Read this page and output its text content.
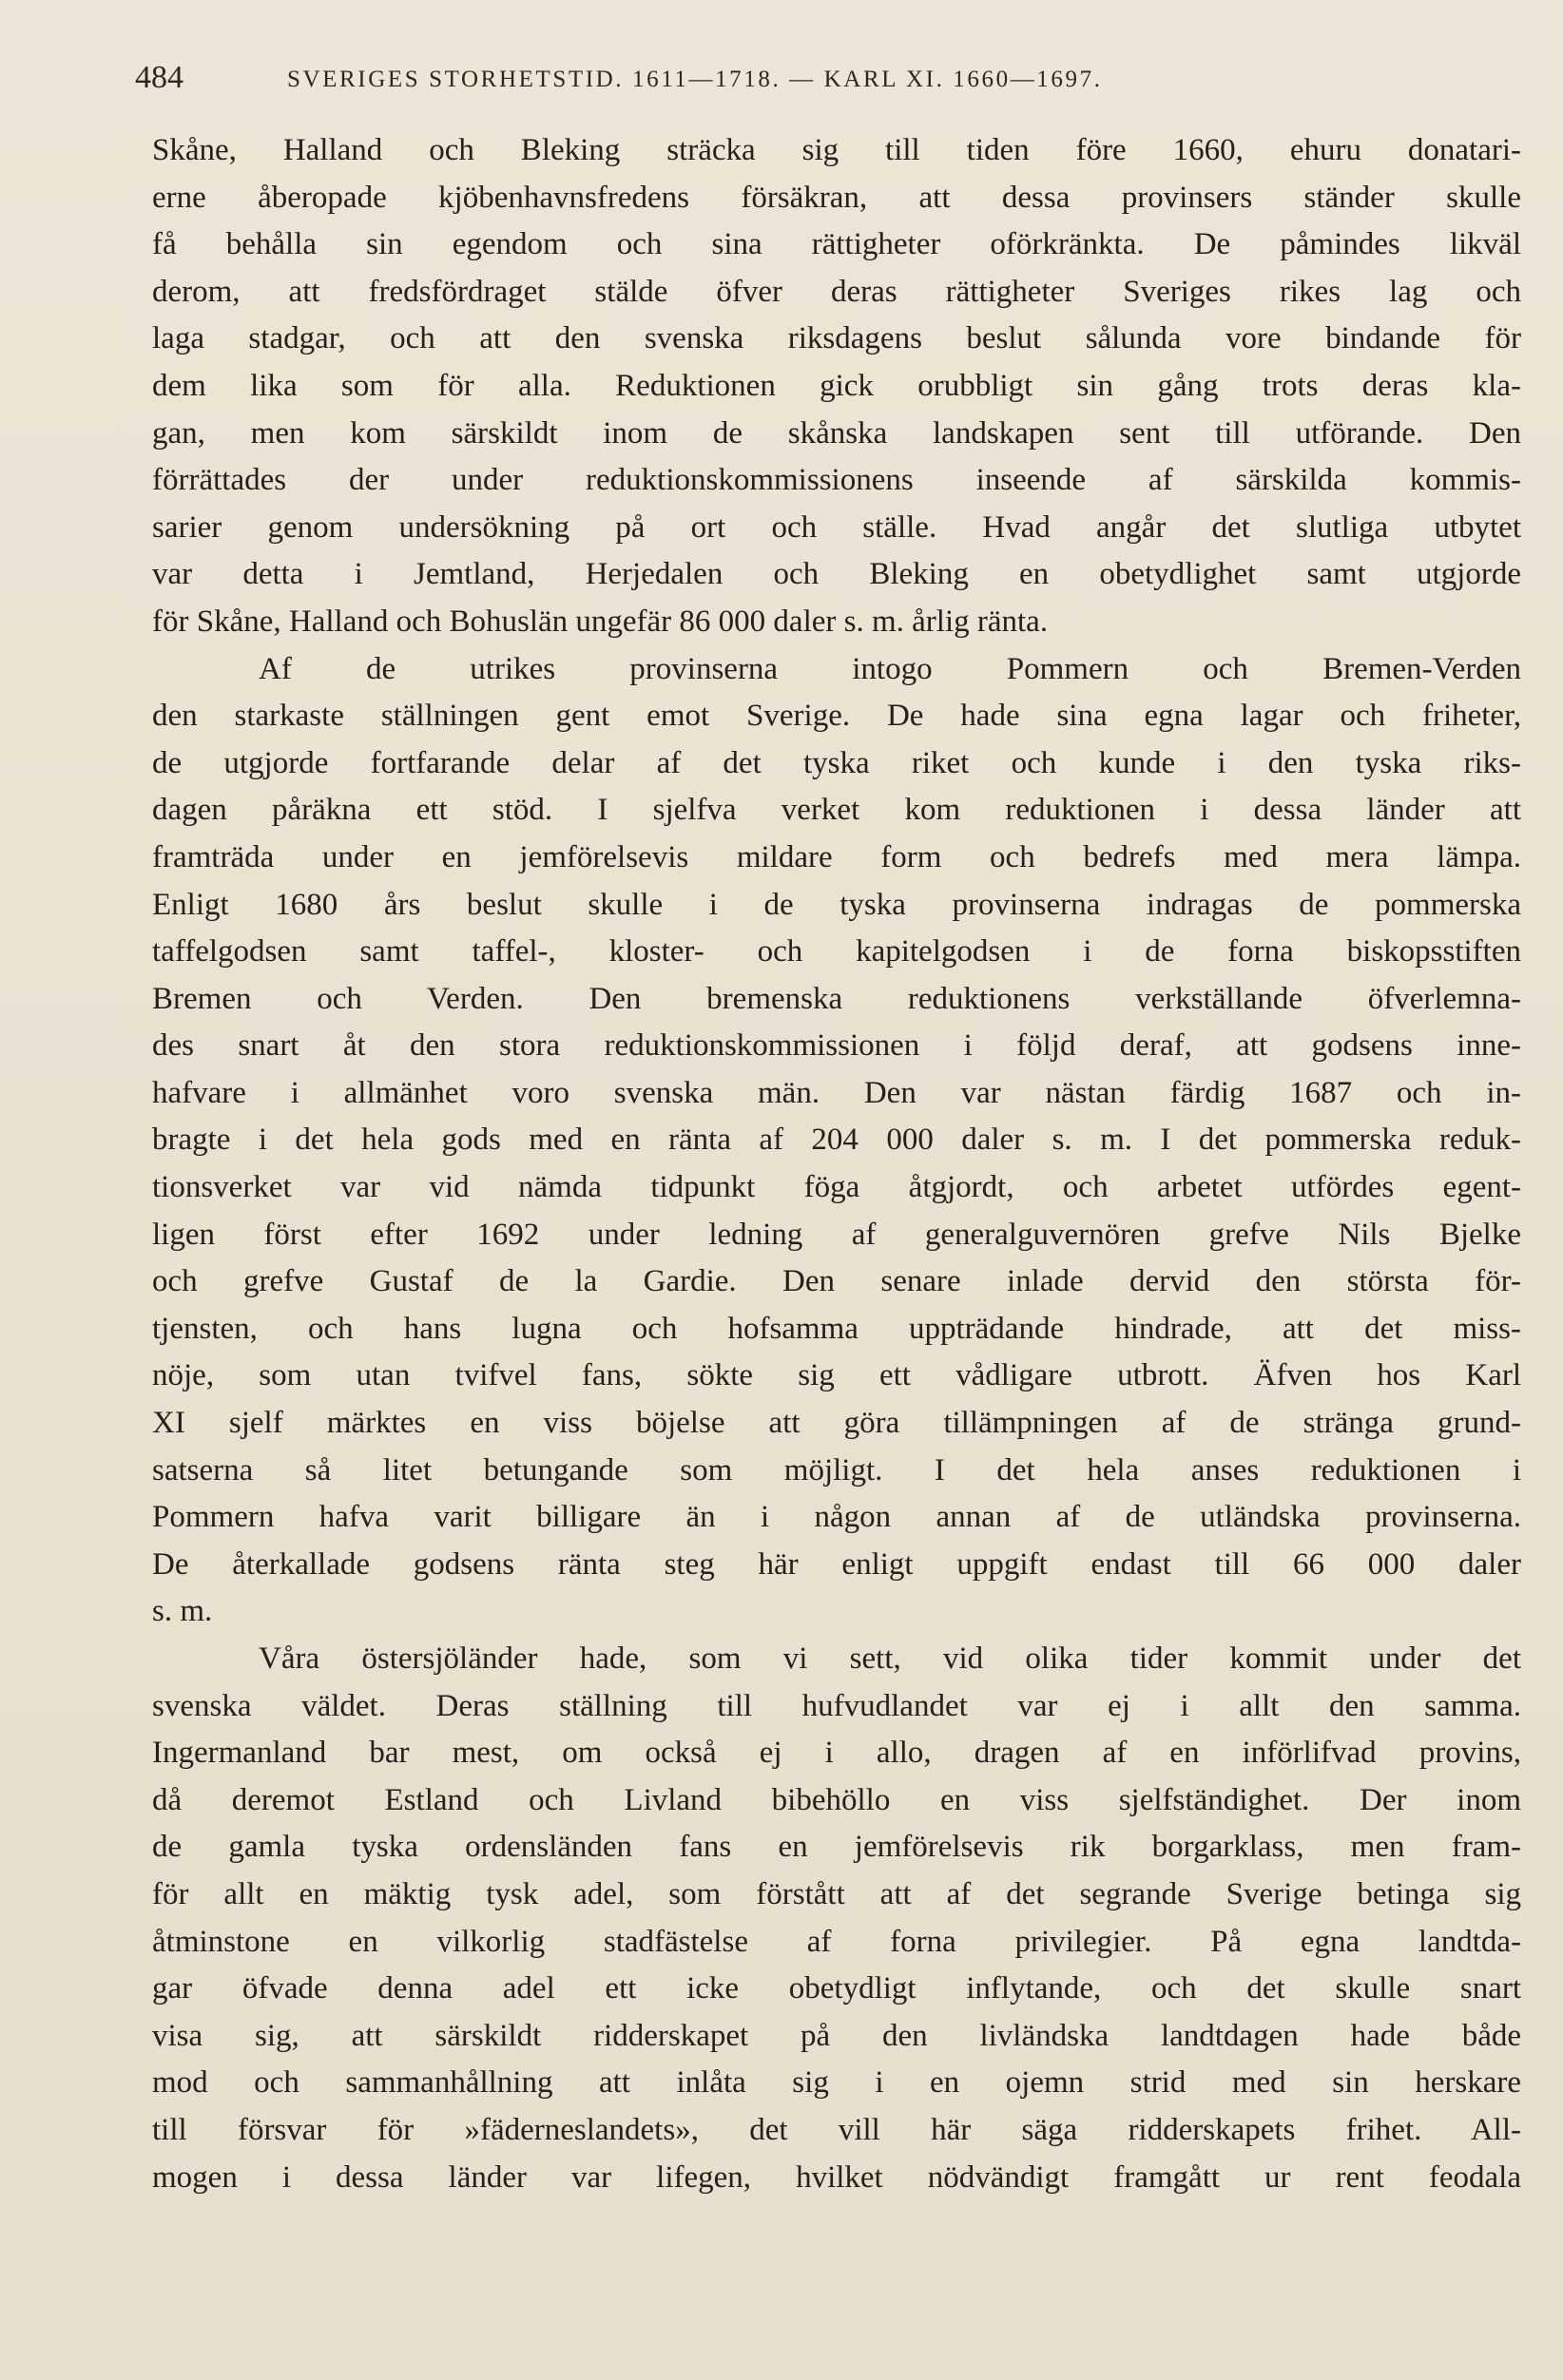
484	SVERIGES STORHETSTID. 1611—1718. — KARL XI. 1660—1697.
Skåne, Halland och Bleking sträcka sig till tiden före 1660, ehuru donatari-
erne åberopade kjöbenhavnsfredens försäkran, att dessa provinsers ständer skulle
få behålla sin egendom och sina rättigheter oförkränkta. De påmindes likväl
derom, att fredsfördraget stälde öfver deras rättigheter Sveriges rikes lag och
laga stadgar, och att den svenska riksdagens beslut sålunda vore bindande för
dem lika som för alla. Reduktionen gick orubbligt sin gång trots deras kla-
gan, men kom särskildt inom de skånska landskapen sent till utförande. Den
förrättades der under reduktionskommissionens inseende af särskilda kommis-
sarier genom undersökning på ort och ställe. Hvad angår det slutliga utbytet
var detta i Jemtland, Herjedalen och Bleking en obetydlighet samt utgjorde
för Skåne, Halland och Bohuslän ungefär 86 000 daler s. m. årlig ränta.
Af de utrikes provinserna intogo Pommern och Bremen-Verden
den starkaste ställningen gent emot Sverige. De hade sina egna lagar och friheter,
de utgjorde fortfarande delar af det tyska riket och kunde i den tyska riks-
dagen påräkna ett stöd. I sjelfva verket kom reduktionen i dessa länder att
framträda under en jemförelsevis mildare form och bedrefs med mera lämpa.
Enligt 1680 års beslut skulle i de tyska provinserna indragas de pommerska
taffelgodsen samt taffel-, kloster- och kapitelgodsen i de forna biskopsstiften
Bremen och Verden. Den bremenska reduktionens verkställande öfverlemna-
des snart åt den stora reduktionskommissionen i följd deraf, att godsens inne-
hafvare i allmänhet voro svenska män. Den var nästan färdig 1687 och in-
bragte i det hela gods med en ränta af 204 000 daler s. m. I det pommerska reduk-
tionsverket var vid nämda tidpunkt föga åtgjordt, och arbetet utfördes egent-
ligen först efter 1692 under ledning af generalguvernören grefve Nils Bjelke
och grefve Gustaf de la Gardie. Den senare inlade dervid den största för-
tjensten, och hans lugna och hofsamma uppträdande hindrade, att det miss-
nöje, som utan tvifvel fans, sökte sig ett vådligare utbrott. Äfven hos Karl
XI sjelf märktes en viss böjelse att göra tillämpningen af de stränga grund-
satserna så litet betungande som möjligt. I det hela anses reduktionen i
Pommern hafva varit billigare än i någon annan af de utländska provinserna.
De återkallade godsens ränta steg här enligt uppgift endast till 66 000 daler
s. m.
Våra östersjöländer hade, som vi sett, vid olika tider kommit under det
svenska väldet. Deras ställning till hufvudlandet var ej i allt den samma.
Ingermanland bar mest, om också ej i allo, dragen af en införlifvad provins,
då deremot Estland och Livland bibehöllo en viss sjelfständighet. Der inom
de gamla tyska ordensländen fans en jemförelsevis rik borgarklass, men fram-
för allt en mäktig tysk adel, som förstått att af det segrande Sverige betinga sig
åtminstone en vilkorlig stadfästelse af forna privilegier. På egna landtda-
gar öfvade denna adel ett icke obetydligt inflytande, och det skulle snart
visa sig, att särskildt ridderskapet på den livländska landtdagen hade både
mod och sammanhållning att inlåta sig i en ojemn strid med sin herskare
till försvar för »fäderneslandets», det vill här säga ridderskapets frihet. All-
mogen i dessa länder var lifegen, hvilket nödvändigt framgått ur rent feodala
